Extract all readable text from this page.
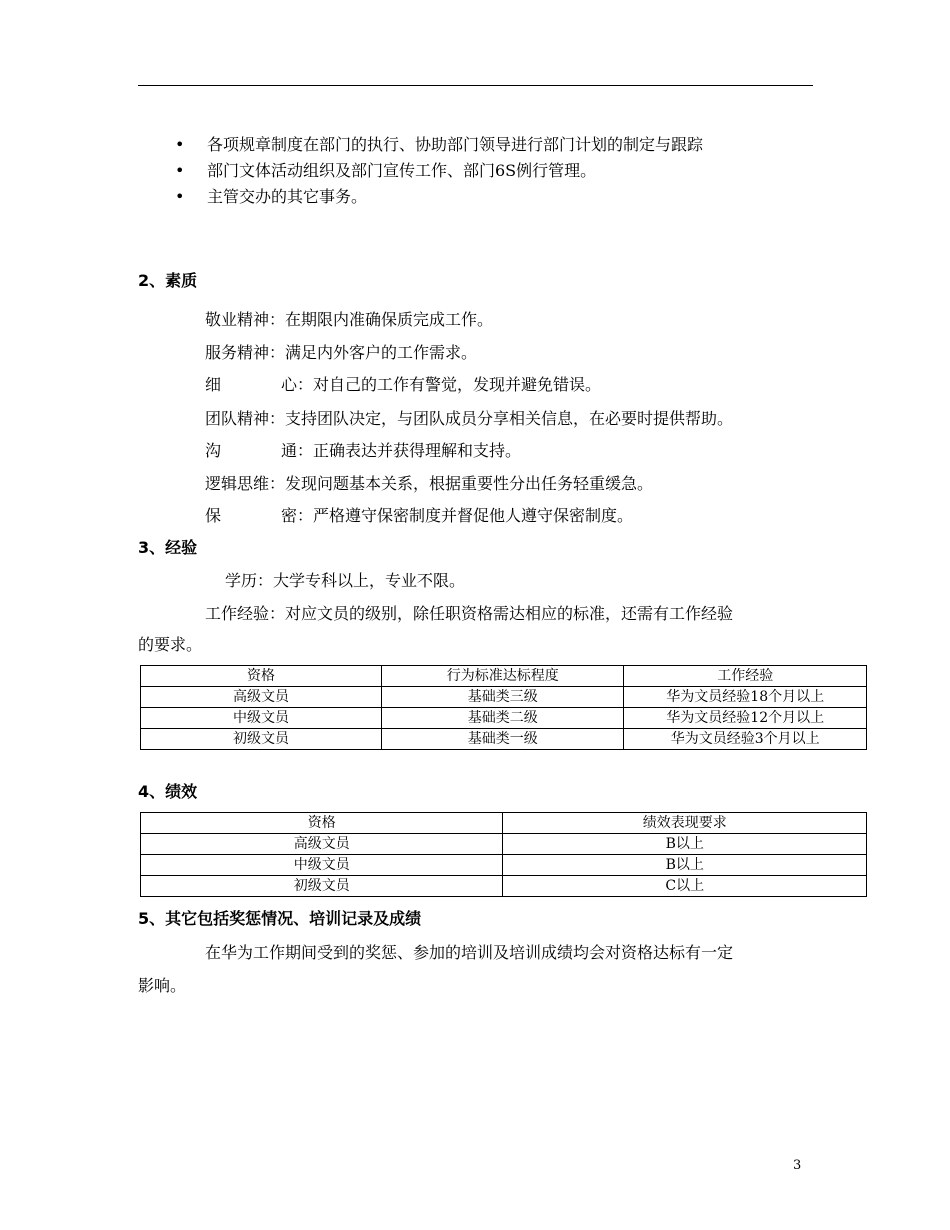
• 各项规章制度在部门的执行、协助部门领导进行部门计划的制定与跟踪
• 部门文体活动组织及部门宣传工作、部门6S例行管理。
• 主管交办的其它事务。
2、素质
敬业精神：在期限内准确保质完成工作。
服务精神：满足内外客户的工作需求。
细	心 ：对自己的工作有警觉，发现并避免错误。
团队精神：支持团队决定，与团队成员分享相关信息，在必要时提供帮助。
沟	通 ：正确表达并获得理解和支持。
逻辑思维：发现问题基本关系，根据重要性分出任务轻重缓急。
保	密 ：严格遵守保密制度并督促他人遵守保密制度。
3、经验
学历：大学专科以上，专业不限。
工作经验：对应文员的级别，除任职资格需达相应的标准，还需有工作经验
的要求。
资格	行为标准达标程度	工作经验
高级文员	基础类三级	华为文员经验18个月以上
中级文员	基础类二级	华为文员经验12个月以上
初级文员	基础类一级	华为文员经验3个月以上
4、绩效
资格	绩效表现要求
高级文员	B以上
中级文员	B以上
初级文员	C以上
5、其它包括奖惩情况、培训记录及成绩
在华为工作期间受到的奖惩、参加的培训及培训成绩均会对资格达标有一定
影响。
3
